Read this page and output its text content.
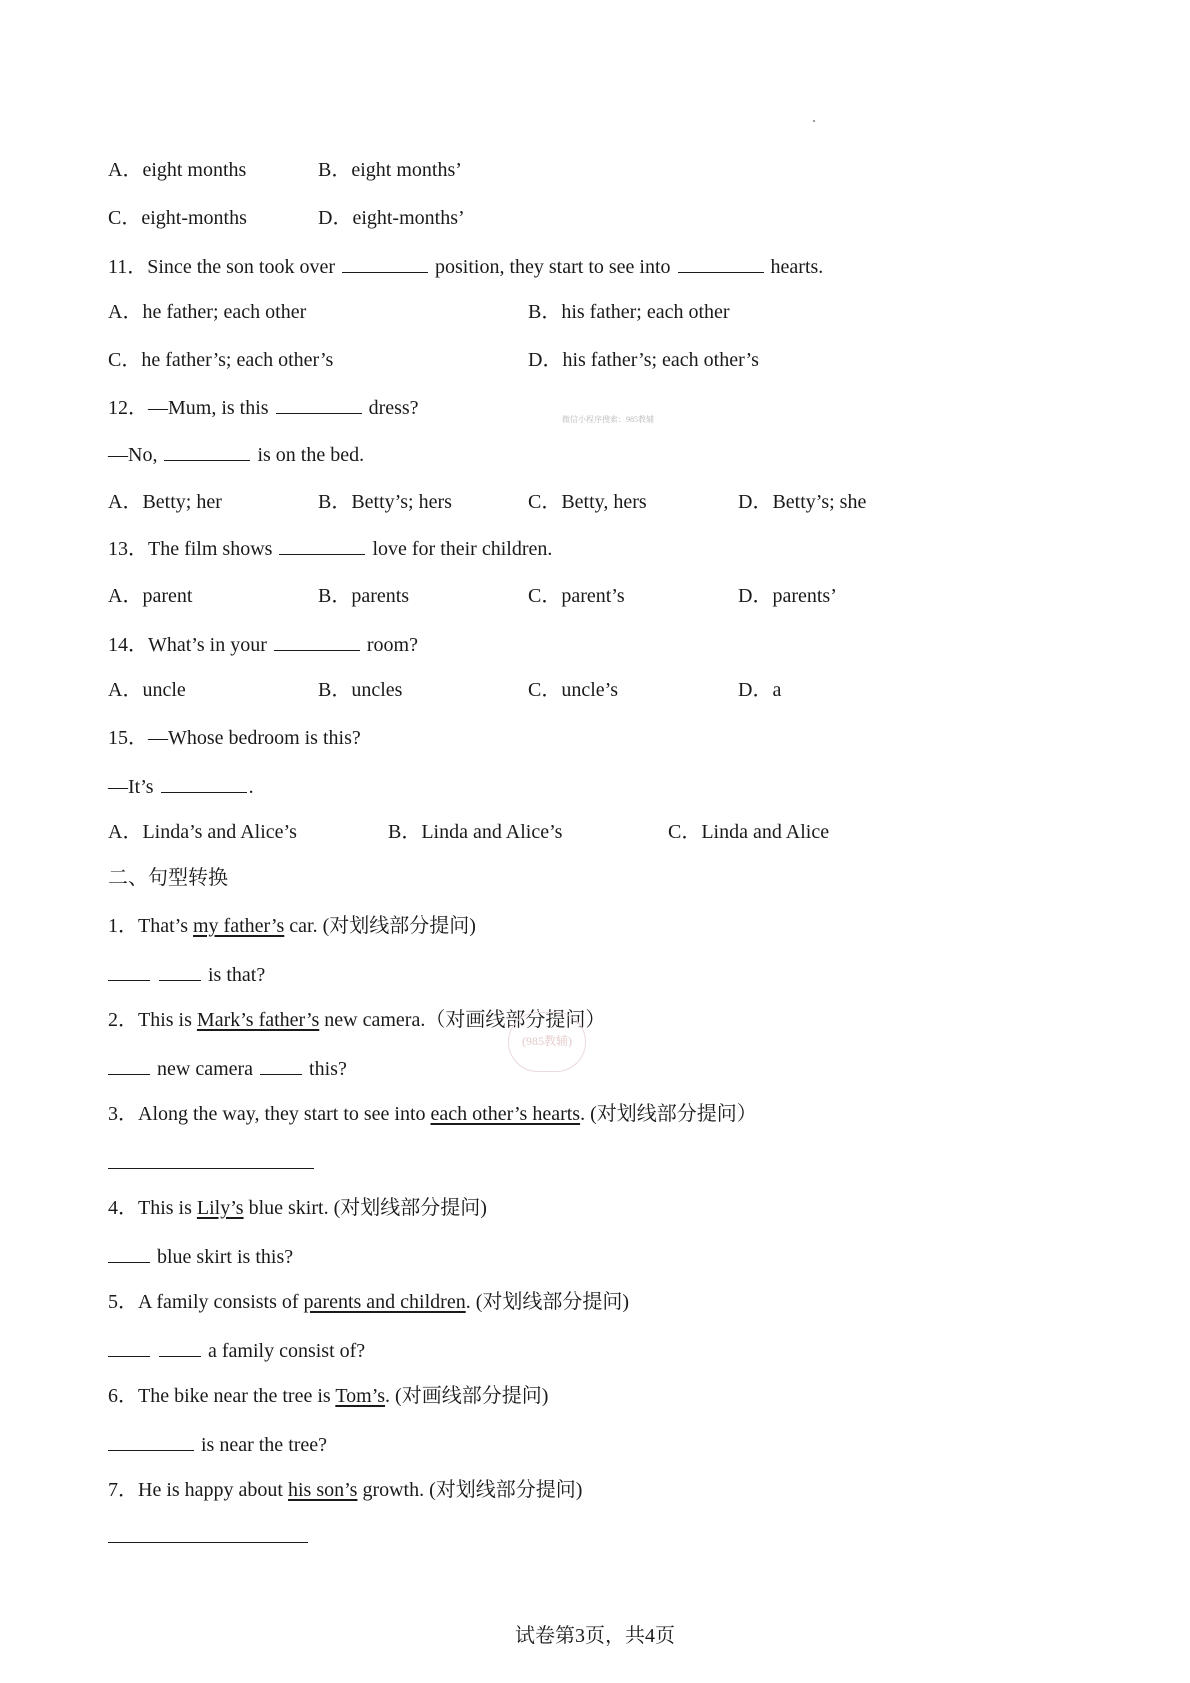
A．eight months	B．eight months’
C．eight-months	D．eight-months’
11．Since the son took over	position, they start to see into	hearts.
A．he father; each other	B．his father; each other
C．he father’s; each other’s	D．his father’s; each other’s
12．—Mum, is this	dress?
微信小程序搜索：985教辅
—No,	is on the bed.
A．Betty; her	B．Betty’s; hers	C．Betty, hers	D．Betty’s; she
13．The film shows	love for their children.
A．parent	B．parents	C．parent’s	D．parents’
14．What’s in your	room?
A．uncle	B．uncles	C．uncle’s	D．a
15．—Whose bedroom is this?
—It’s	.
A．Linda’s and Alice’s	B．Linda and Alice’s	C．Linda and Alice
二、句型转换
1．That’s my father’s car. (对划线部分提问)
is that?
2．This is Mark’s father’s new camera.（对画线部分提问）
(985教辅)
new camera	this?
3．Along the way, they start to see into each other’s hearts. (对划线部分提问）
4．This is Lily’s blue skirt. (对划线部分提问)
blue skirt is this?
5．A family consists of parents and children. (对划线部分提问)
a family consist of?
6．The bike near the tree is Tom’s. (对画线部分提问)
is near the tree?
7．He is happy about his son’s growth. (对划线部分提问)
试卷第3页，共4页
